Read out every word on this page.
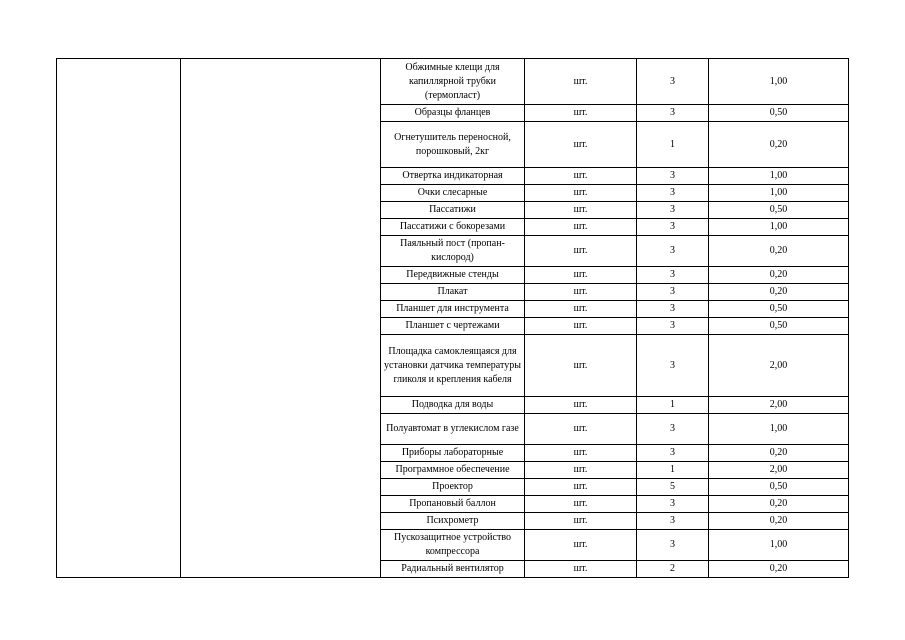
		Обжимные клещи для капиллярной трубки (термопласт)	шт.	3	1,00
		Образцы фланцев	шт.	3	0,50
		Огнетушитель переносной, порошковый, 2кг	шт.	1	0,20
		Отвертка индикаторная	шт.	3	1,00
		Очки слесарные	шт.	3	1,00
		Пассатижи	шт.	3	0,50
		Пассатижи с бокорезами	шт.	3	1,00
		Паяльный пост (пропан-кислород)	шт.	3	0,20
		Передвижные стенды	шт.	3	0,20
		Плакат	шт.	3	0,20
		Планшет для инструмента	шт.	3	0,50
		Планшет с чертежами	шт.	3	0,50
		Площадка самоклеящаяся для установки датчика температуры гликоля и крепления кабеля	шт.	3	2,00
		Подводка для воды	шт.	1	2,00
		Полуавтомат в углекислом газе	шт.	3	1,00
		Приборы лабораторные	шт.	3	0,20
		Программное обеспечение	шт.	1	2,00
		Проектор	шт.	5	0,50
		Пропановый баллон	шт.	3	0,20
		Психрометр	шт.	3	0,20
		Пускозащитное устройство компрессора	шт.	3	1,00
		Радиальный вентилятор	шт.	2	0,20
